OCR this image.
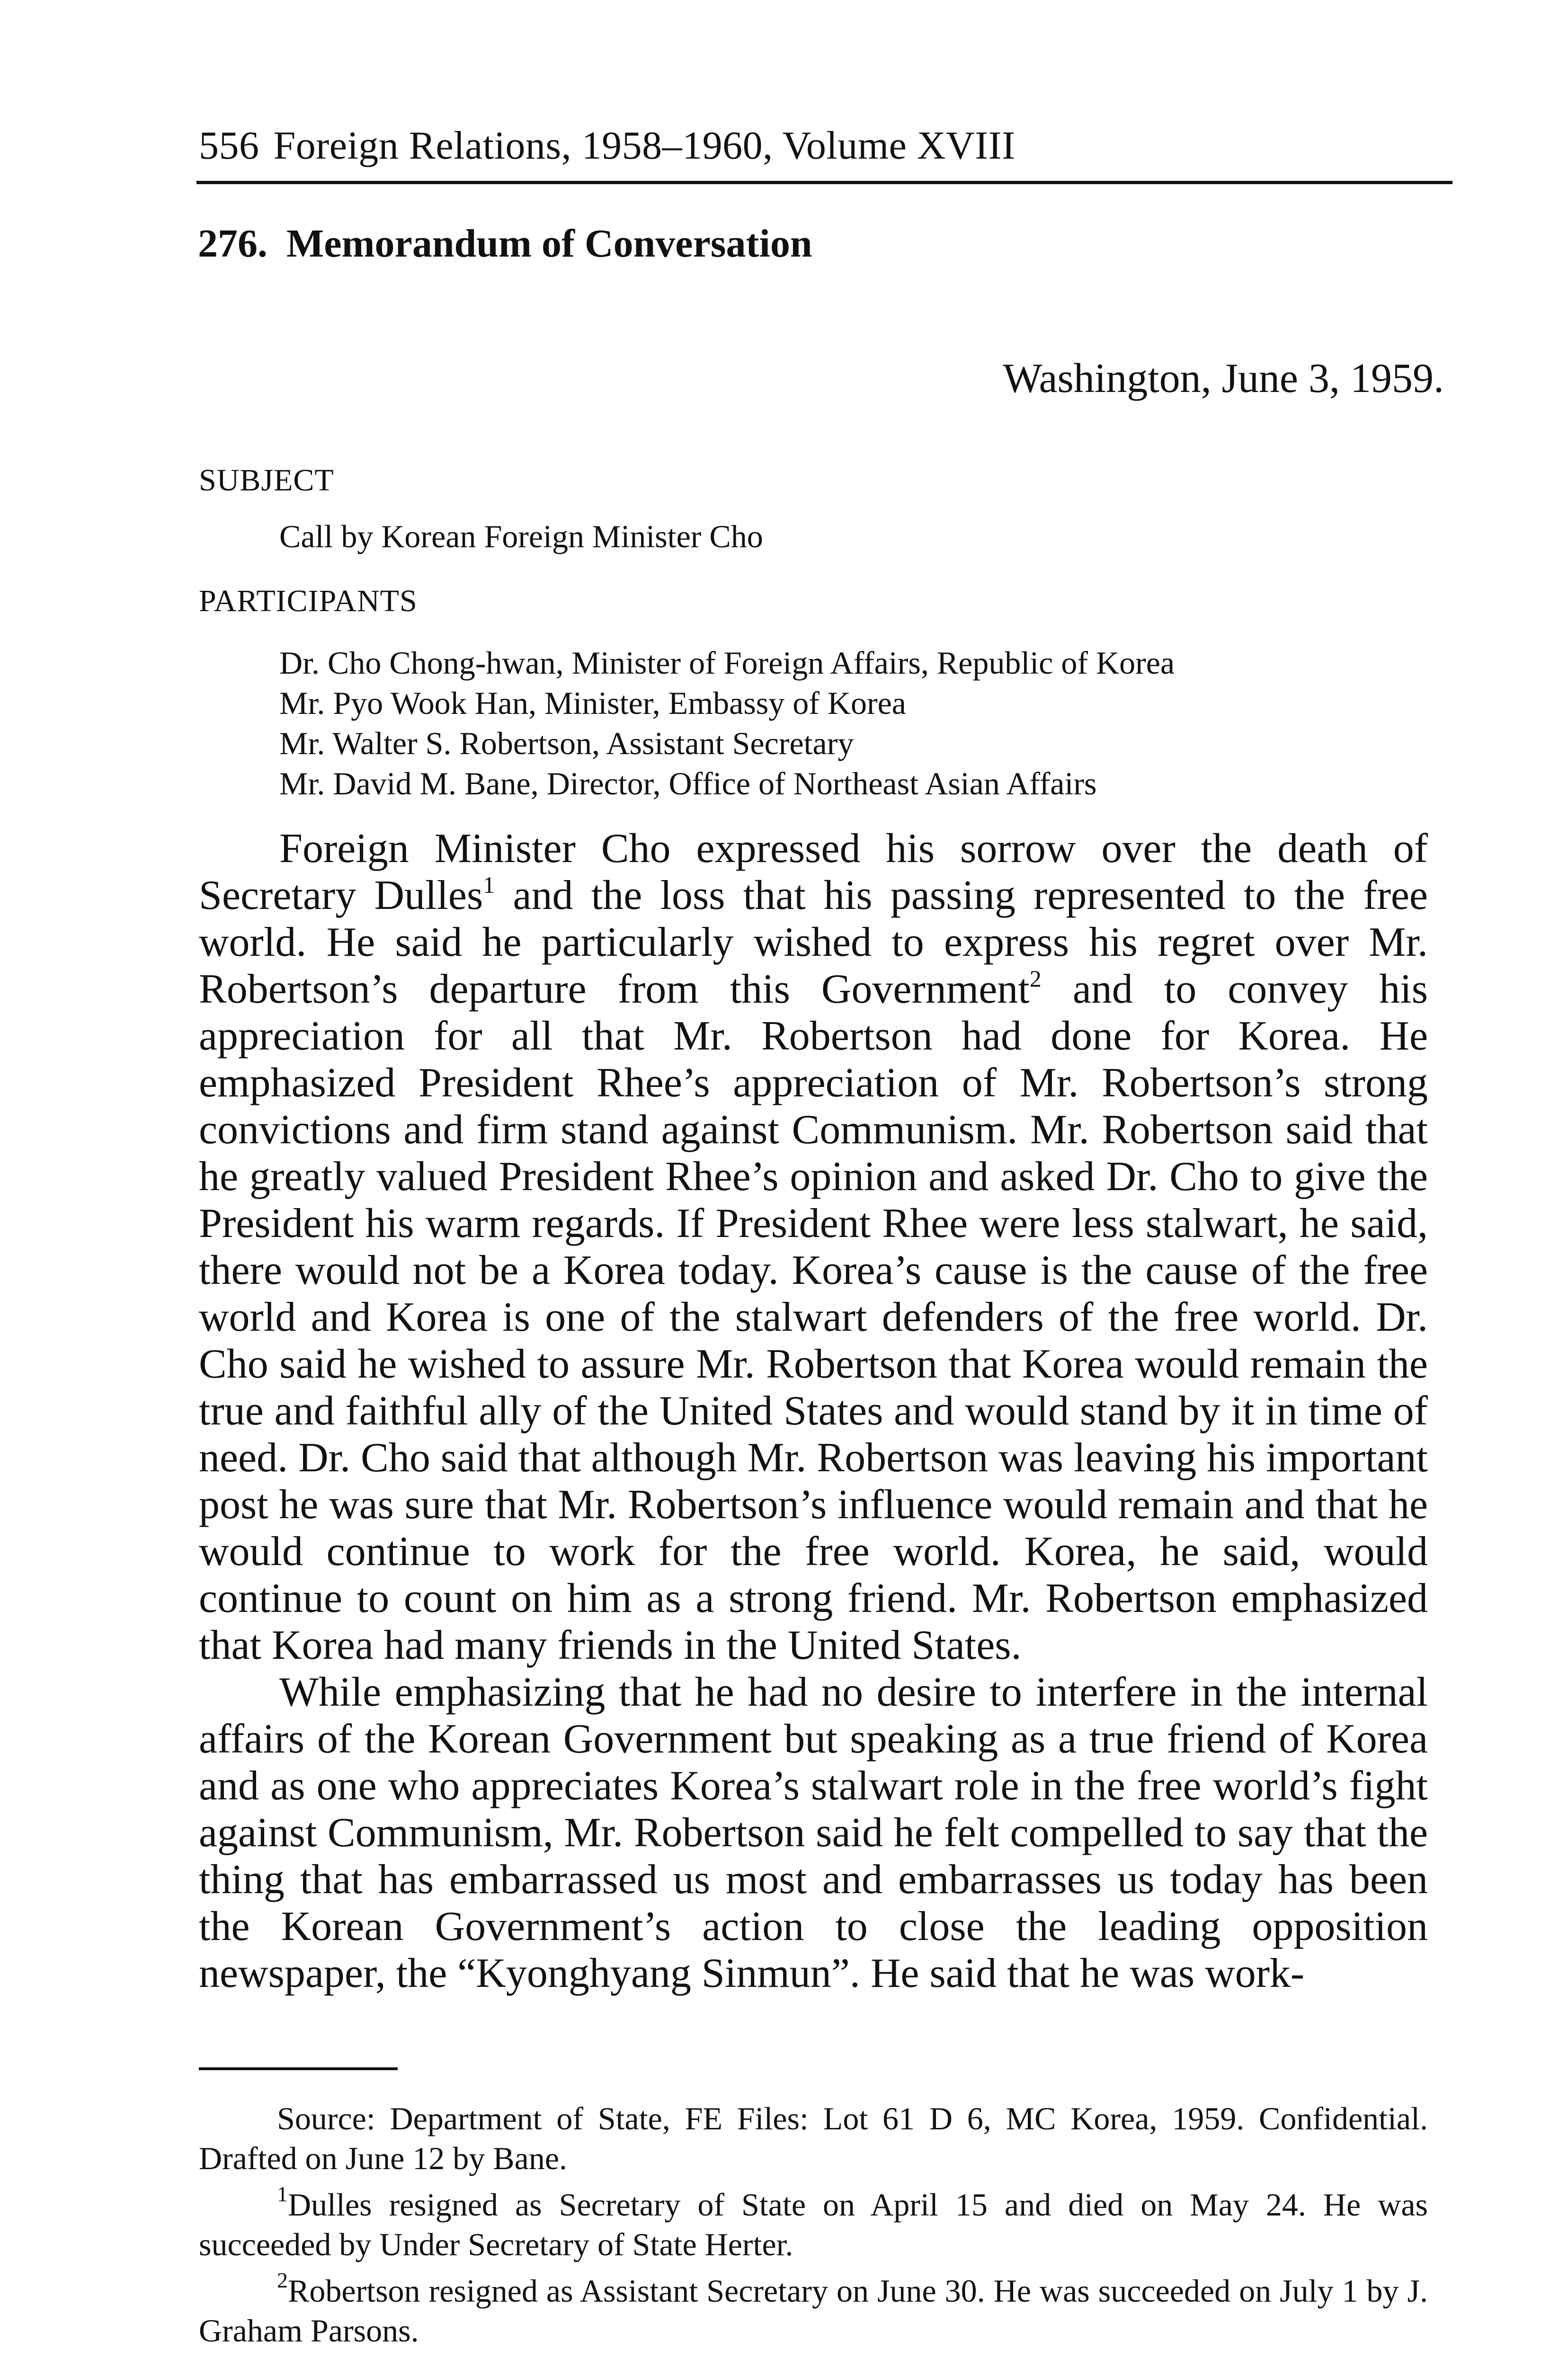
556 Foreign Relations, 1958–1960, Volume XVIII
276. Memorandum of Conversation
Washington, June 3, 1959.
SUBJECT
Call by Korean Foreign Minister Cho
PARTICIPANTS
Dr. Cho Chong-hwan, Minister of Foreign Affairs, Republic of Korea
Mr. Pyo Wook Han, Minister, Embassy of Korea
Mr. Walter S. Robertson, Assistant Secretary
Mr. David M. Bane, Director, Office of Northeast Asian Affairs

Foreign Minister Cho expressed his sorrow over the death of Secretary Dulles$^1$ and the loss that his passing represented to the free world. He said he particularly wished to express his regret over Mr. Robertson’s departure from this Government$^2$ and to convey his appreciation for all that Mr. Robertson had done for Korea. He emphasized President Rhee’s appreciation of Mr. Robertson’s strong convictions and firm stand against Communism. Mr. Robertson said that he greatly valued President Rhee’s opinion and asked Dr. Cho to give the President his warm regards. If President Rhee were less stalwart, he said, there would not be a Korea today. Korea’s cause is the cause of the free world and Korea is one of the stalwart defenders of the free world. Dr. Cho said he wished to assure Mr. Robertson that Korea would remain the true and faithful ally of the United States and would stand by it in time of need. Dr. Cho said that although Mr. Robertson was leaving his important post he was sure that Mr. Robertson’s influence would remain and that he would continue to work for the free world. Korea, he said, would continue to count on him as a strong friend. Mr. Robertson emphasized that Korea had many friends in the United States.

While emphasizing that he had no desire to interfere in the internal affairs of the Korean Government but speaking as a true friend of Korea and as one who appreciates Korea’s stalwart role in the free world’s fight against Communism, Mr. Robertson said he felt compelled to say that the thing that has embarrassed us most and embarrasses us today has been the Korean Government’s action to close the leading opposition newspaper, the “Kyonghyang Sinmun”. He said that he was work-

Source: Department of State, FE Files: Lot 61 D 6, MC Korea, 1959. Confidential. Drafted on June 12 by Bane.

$^1$Dulles resigned as Secretary of State on April 15 and died on May 24. He was succeeded by Under Secretary of State Herter.

$^2$Robertson resigned as Assistant Secretary on June 30. He was succeeded on July 1 by J. Graham Parsons.
